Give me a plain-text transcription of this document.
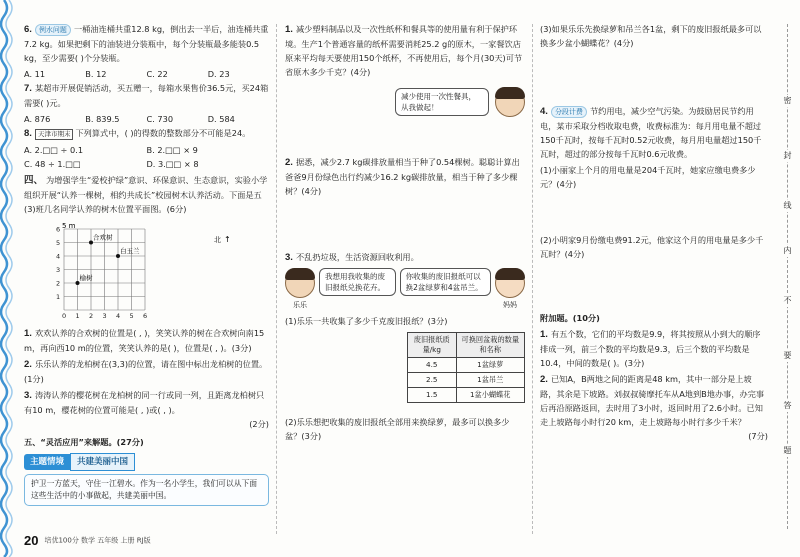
6. 例水问题 一桶油连桶共重12.8 kg，倒出去一半后，油连桶共重7.2 kg。如果把剩下的油装进分装瓶中，每个分装瓶最多能装0.5 kg，至少需要( )个分装瓶。

A. 11	B. 12	C. 22	D. 23

7. 某超市开展促销活动，买五赠一，每箱水果售价36.5元，买24箱需要( )元。

A. 876	B. 839.5	C. 730	D. 584

8. 天津市期末 下列算式中，( )的得数的整数部分不可能是24。

A. 2.□□ ÷ 0.1	B. 2.□□ × 9
C. 48 ÷ 1.□□	D. 3.□□ × 8

四、 为增强学生“爱校护绿”意识、环保意识、生态意识，实验小学组织开展“认养一棵树，相约共成长”校园树木认养活动。下面是五(3)班几名同学认养的树木位置平面图。(6分)

5 m
0 1 2 3 4 5 6
1
2
3
4
5
6
合欢树
白玉兰
榆树
↑
北

1. 欢欢认养的合欢树的位置是( , )，笑笑认养的树在合欢树向南15 m，再向西10 m的位置，笑笑认养的是( )，位置是( , )。(3分)

2. 乐乐认养的龙柏树在(3,3)的位置，请在图中标出龙柏树的位置。(1分)

3. 涛涛认养的樱花树在龙柏树的同一行或同一列，且距离龙柏树只有10 m，樱花树的位置可能是( , )或( , )。

(2分)

五、“灵活应用”来解题。(27分)

主题情境	共建美丽中国
护卫一方蓝天，守住一江碧水。作为一名小学生，我们可以从下面这些生活中的小事做起，共建美丽中国。

1. 减少塑料制品以及一次性纸杯和餐具等的使用量有利于保护环境。生产1个普通容量的纸杯需要消耗25.2 g的原木，一家餐饮店原来平均每天要使用150个纸杯，不再使用后，每个月(30天)可节省原木多少千克？(4分)

减少使用一次性餐具，从我做起！

2. 据悉，减少2.7 kg碳排放量相当于种了0.54棵树。聪聪计算出爸爸9月份绿色出行约减少16.2 kg碳排放量，相当于种了多少棵树？(4分)

3. 不乱扔垃圾，生活资源回收利用。

乐乐
我想用我收集的废旧报纸兑换花卉。
你收集的废旧报纸可以换2盆绿萝和4盆吊兰。
妈妈

(1)乐乐一共收集了多少千克废旧报纸？(3分)

废旧报纸质量/kg	可换回盆栽的数量和名称
4.5	1盆绿萝
2.5	1盆吊兰
1.5	1盆小蝴蝶花

(2)乐乐想把收集的废旧报纸全部用来换绿萝，最多可以换多少盆？(3分)

(3)如果乐乐先换绿萝和吊兰各1盆，剩下的废旧报纸最多可以换多少盆小蝴蝶花？(4分)

4. 分段计费 节约用电，减少空气污染。为鼓励居民节约用电，某市采取分档收取电费，收费标准为：每月用电量不超过150千瓦时，按每千瓦时0.52元收费，每月用电量超过150千瓦时，超过的部分按每千瓦时0.6元收费。

(1)小丽家上个月的用电量是204千瓦时，她家应缴电费多少元？(4分)

(2)小明家9月份缴电费91.2元，他家这个月的用电量是多少千瓦时？(4分)

附加题。(10分)

1. 有五个数，它们的平均数是9.9，将其按照从小到大的顺序排成一列，前三个数的平均数是9.3，后三个数的平均数是10.4，中间的数是( )。(3分)

2. 已知A，B两地之间的距离是48 km，其中一部分是上坡路，其余是下坡路。刘叔叔骑摩托车从A地到B地办事，办完事后再沿原路返回，去时用了3小时，返回时用了2.6小时。已知走上坡路每小时行20 km，走上坡路每小时行多少千米？

(7分)

20 培优100分 数学 五年级 上册 RJ版
密
封
线
内
不
要
答
题
